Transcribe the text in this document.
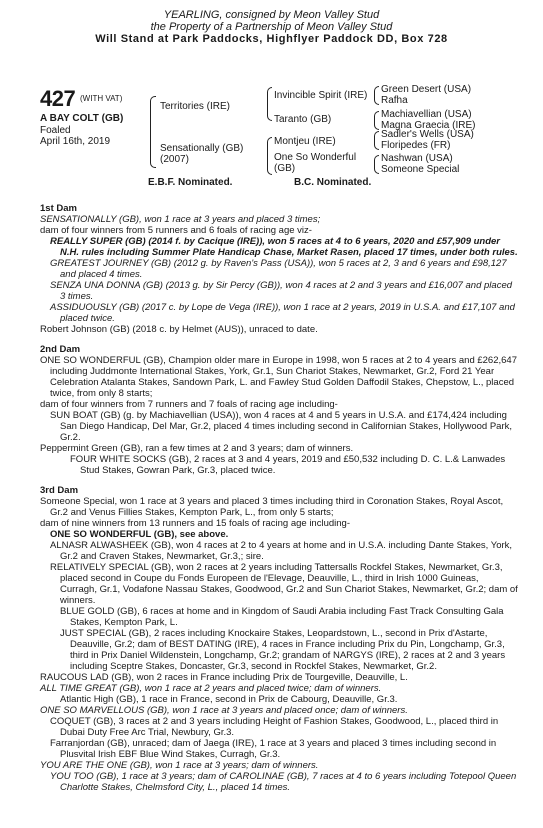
YEARLING, consigned by Meon Valley Stud
the Property of a Partnership of Meon Valley Stud
Will Stand at Park Paddocks, Highflyer Paddock DD, Box 728
427 (WITH VAT)
A BAY COLT (GB)
Foaled
April 16th, 2019
Territories (IRE)
Sensationally (GB)
(2007)
Invincible Spirit (IRE)
Taranto (GB)
Montjeu (IRE)
One So Wonderful
(GB)
Green Desert (USA)
Rafha
Machiavellian (USA)
Magna Graecia (IRE)
Sadler's Wells (USA)
Floripedes (FR)
Nashwan (USA)
Someone Special
E.B.F. Nominated.	B.C. Nominated.
1st Dam

SENSATIONALLY (GB), won 1 race at 3 years and placed 3 times;

dam of four winners from 5 runners and 6 foals of racing age viz-

REALLY SUPER (GB) (2014 f. by Cacique (IRE)), won 5 races at 4 to 6 years, 2020 and £57,909 under N.H. rules including Summer Plate Handicap Chase, Market Rasen, placed 17 times, under both rules.

GREATEST JOURNEY (GB) (2012 g. by Raven's Pass (USA)), won 5 races at 2, 3 and 6 years and £98,127 and placed 4 times.

SENZA UNA DONNA (GB) (2013 g. by Sir Percy (GB)), won 4 races at 2 and 3 years and £16,007 and placed 3 times.

ASSIDUOUSLY (GB) (2017 c. by Lope de Vega (IRE)), won 1 race at 2 years, 2019 in U.S.A. and £17,107 and placed twice.

Robert Johnson (GB) (2018 c. by Helmet (AUS)), unraced to date.

2nd Dam

ONE SO WONDERFUL (GB), Champion older mare in Europe in 1998, won 5 races at 2 to 4 years and £262,647 including Juddmonte International Stakes, York, Gr.1, Sun Chariot Stakes, Newmarket, Gr.2, Ford 21 Year Celebration Atalanta Stakes, Sandown Park, L. and Fawley Stud Golden Daffodil Stakes, Chepstow, L., placed twice, from only 8 starts;

dam of four winners from 7 runners and 7 foals of racing age including-

SUN BOAT (GB) (g. by Machiavellian (USA)), won 4 races at 4 and 5 years in U.S.A. and £174,424 including San Diego Handicap, Del Mar, Gr.2, placed 4 times including second in Californian Stakes, Hollywood Park, Gr.2.

Peppermint Green (GB), ran a few times at 2 and 3 years; dam of winners.

FOUR WHITE SOCKS (GB), 2 races at 3 and 4 years, 2019 and £50,532 including D. C. L.& Lanwades Stud Stakes, Gowran Park, Gr.3, placed twice.

3rd Dam

Someone Special, won 1 race at 3 years and placed 3 times including third in Coronation Stakes, Royal Ascot, Gr.2 and Venus Fillies Stakes, Kempton Park, L., from only 5 starts;

dam of nine winners from 13 runners and 15 foals of racing age including-

ONE SO WONDERFUL (GB), see above.

ALNASR ALWASHEEK (GB), won 4 races at 2 to 4 years at home and in U.S.A. including Dante Stakes, York, Gr.2 and Craven Stakes, Newmarket, Gr.3,; sire.

RELATIVELY SPECIAL (GB), won 2 races at 2 years including Tattersalls Rockfel Stakes, Newmarket, Gr.3, placed second in Coupe du Fonds Europeen de l'Elevage, Deauville, L., third in Irish 1000 Guineas, Curragh, Gr.1, Vodafone Nassau Stakes, Goodwood, Gr.2 and Sun Chariot Stakes, Newmarket, Gr.2; dam of winners.

BLUE GOLD (GB), 6 races at home and in Kingdom of Saudi Arabia including Fast Track Consulting Gala Stakes, Kempton Park, L.

JUST SPECIAL (GB), 2 races including Knockaire Stakes, Leopardstown, L., second in Prix d'Astarte, Deauville, Gr.2; dam of BEST DATING (IRE), 4 races in France including Prix du Pin, Longchamp, Gr.3, third in Prix Daniel Wildenstein, Longchamp, Gr.2; grandam of NARGYS (IRE), 2 races at 2 and 3 years including Sceptre Stakes, Doncaster, Gr.3, second in Rockfel Stakes, Newmarket, Gr.2.

RAUCOUS LAD (GB), won 2 races in France including Prix de Tourgeville, Deauville, L.

ALL TIME GREAT (GB), won 1 race at 2 years and placed twice; dam of winners.

Atlantic High (GB), 1 race in France, second in Prix de Cabourg, Deauville, Gr.3.

ONE SO MARVELLOUS (GB), won 1 race at 3 years and placed once; dam of winners.

COQUET (GB), 3 races at 2 and 3 years including Height of Fashion Stakes, Goodwood, L., placed third in Dubai Duty Free Arc Trial, Newbury, Gr.3.

Farranjordan (GB), unraced; dam of Jaega (IRE), 1 race at 3 years and placed 3 times including second in Plusvital Irish EBF Blue Wind Stakes, Curragh, Gr.3.

YOU ARE THE ONE (GB), won 1 race at 3 years; dam of winners.

YOU TOO (GB), 1 race at 3 years; dam of CAROLINAE (GB), 7 races at 4 to 6 years including Totepool Queen Charlotte Stakes, Chelmsford City, L., placed 14 times.
